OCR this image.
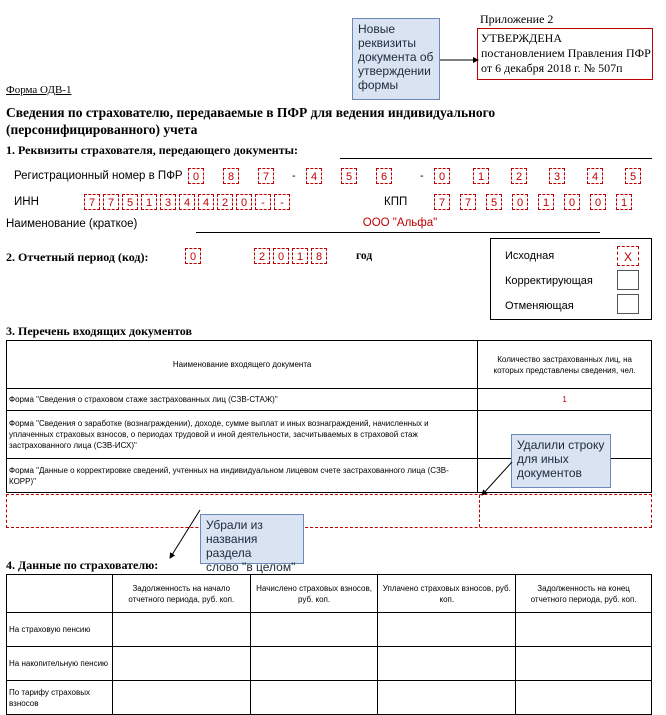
Приложение 2
УТВЕРЖДЕНА
постановлением Правления ПФР
от 6 декабря 2018 г. № 507п
Новые
реквизиты
документа об
утверждении
формы
Форма ОДВ-1
Сведения по страхователю, передаваемые в ПФР для ведения индивидуального
(персонифицированного) учета
1. Реквизиты страхователя, передающего документы:
Регистрационный номер в ПФР 0	8	7	-	4	5	6	-	0	1	2	3	4	5
ИНН	7	7	5	1	3	4	4	2	0	-	-	КПП	7	7	5	0	1	0	0	1
Наименование (краткое)	ООО "Альфа"
2. Отчетный период (код):	0	2	0	1	8	год	Исходная	X
Корректирующая
Отменяющая
3. Перечень входящих документов
Наименование входящего документа	Количество застрахованных лиц, на которых представлены сведения, чел.
Форма "Сведения о страховом стаже застрахованных лиц (СЗВ-СТАЖ)"	1
Форма "Сведения о заработке (вознаграждении), доходе, сумме выплат и иных вознаграждений, начисленных и уплаченных страховых взносов, о периодах трудовой и иной деятельности, засчитываемых в страховой стаж застрахованного лица (СЗВ-ИСХ)"	
Форма "Данные о корректировке сведений, учтенных на индивидуальном лицевом счете застрахованного лица (СЗВ-КОРР)"	
Удалили строку
для иных
документов
Убрали из
названия раздела
слово "в целом"
4. Данные по страхователю:
	Задолженность на начало отчетного периода, руб. коп.	Начислено страховых взносов, руб. коп.	Уплачено страховых взносов, руб. коп.	Задолженность на конец отчетного периода, руб. коп.
На страховую пенсию				
На накопительную пенсию				
По тарифу страховых взносов				
